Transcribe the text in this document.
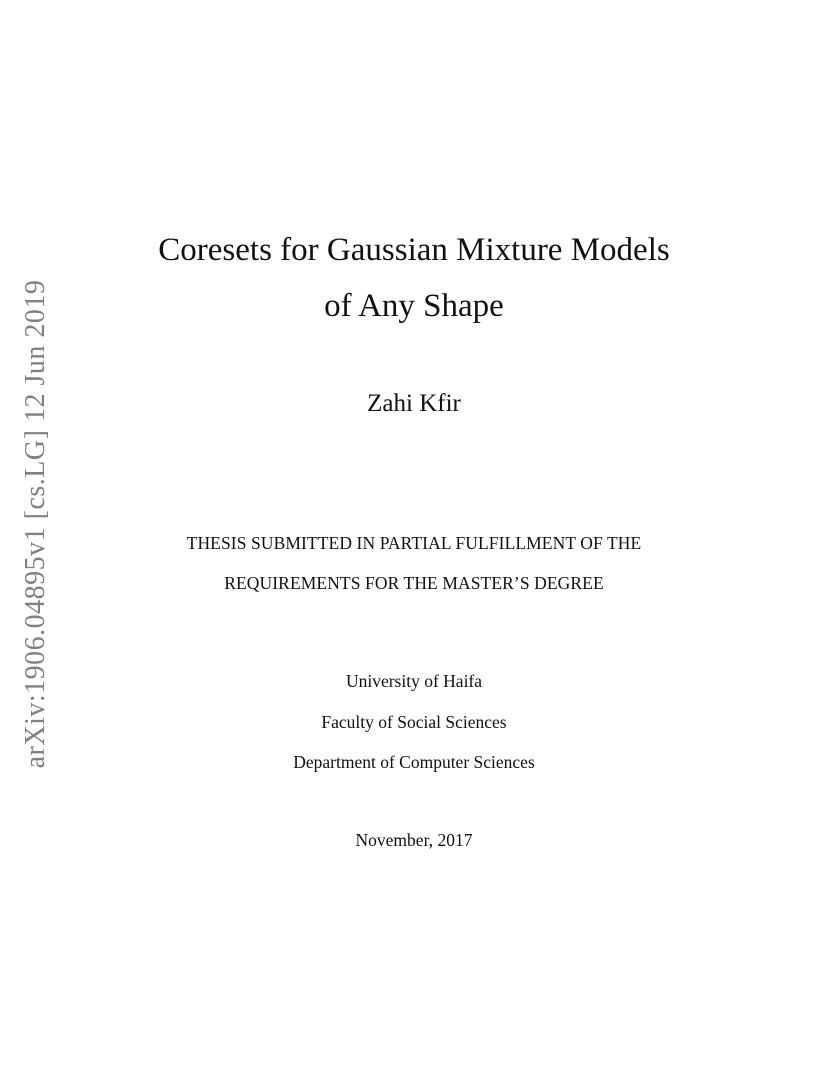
arXiv:1906.04895v1 [cs.LG] 12 Jun 2019
Coresets for Gaussian Mixture Models
of Any Shape
Zahi Kfir
THESIS SUBMITTED IN PARTIAL FULFILLMENT OF THE
REQUIREMENTS FOR THE MASTER’S DEGREE
University of Haifa
Faculty of Social Sciences
Department of Computer Sciences
November, 2017
